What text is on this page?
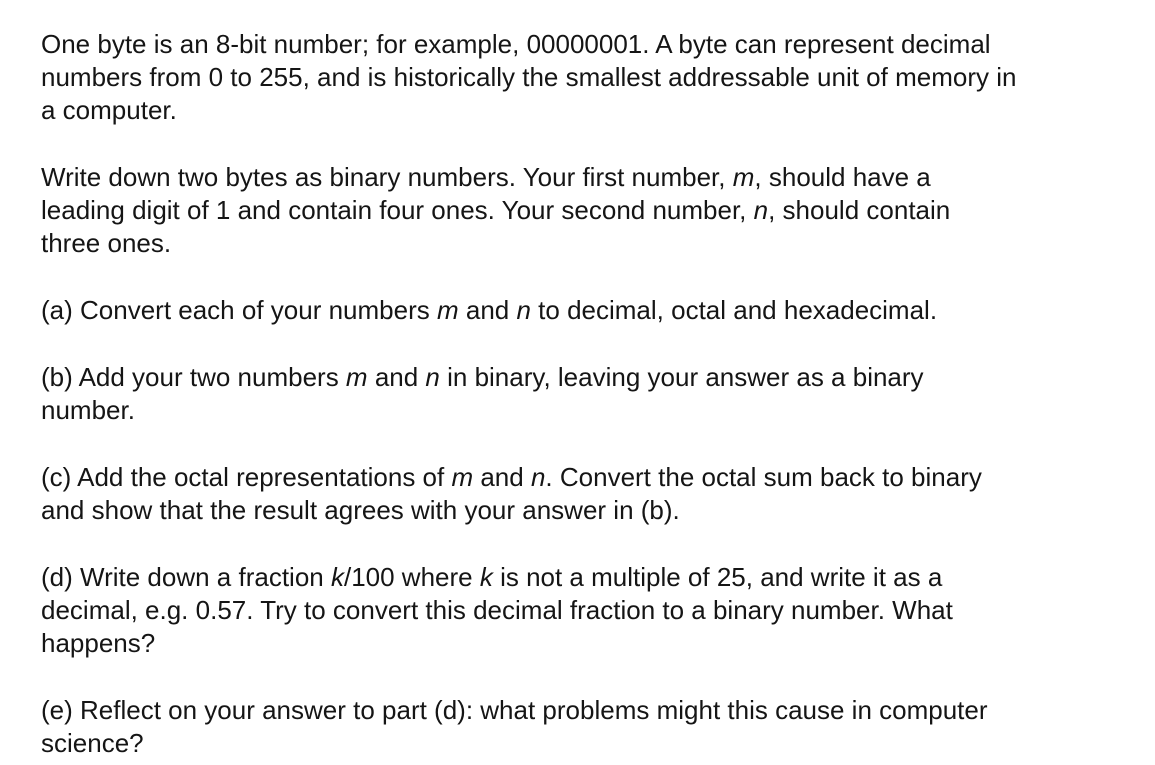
One byte is an 8-bit number; for example, 00000001. A byte can represent decimal
numbers from 0 to 255, and is historically the smallest addressable unit of memory in
a computer.

Write down two bytes as binary numbers. Your first number, m, should have a
leading digit of 1 and contain four ones. Your second number, n, should contain
three ones.

(a) Convert each of your numbers m and n to decimal, octal and hexadecimal.

(b) Add your two numbers m and n in binary, leaving your answer as a binary
number.

(c) Add the octal representations of m and n. Convert the octal sum back to binary
and show that the result agrees with your answer in (b).

(d) Write down a fraction k/100 where k is not a multiple of 25, and write it as a
decimal, e.g. 0.57. Try to convert this decimal fraction to a binary number. What
happens?

(e) Reflect on your answer to part (d): what problems might this cause in computer
science?
